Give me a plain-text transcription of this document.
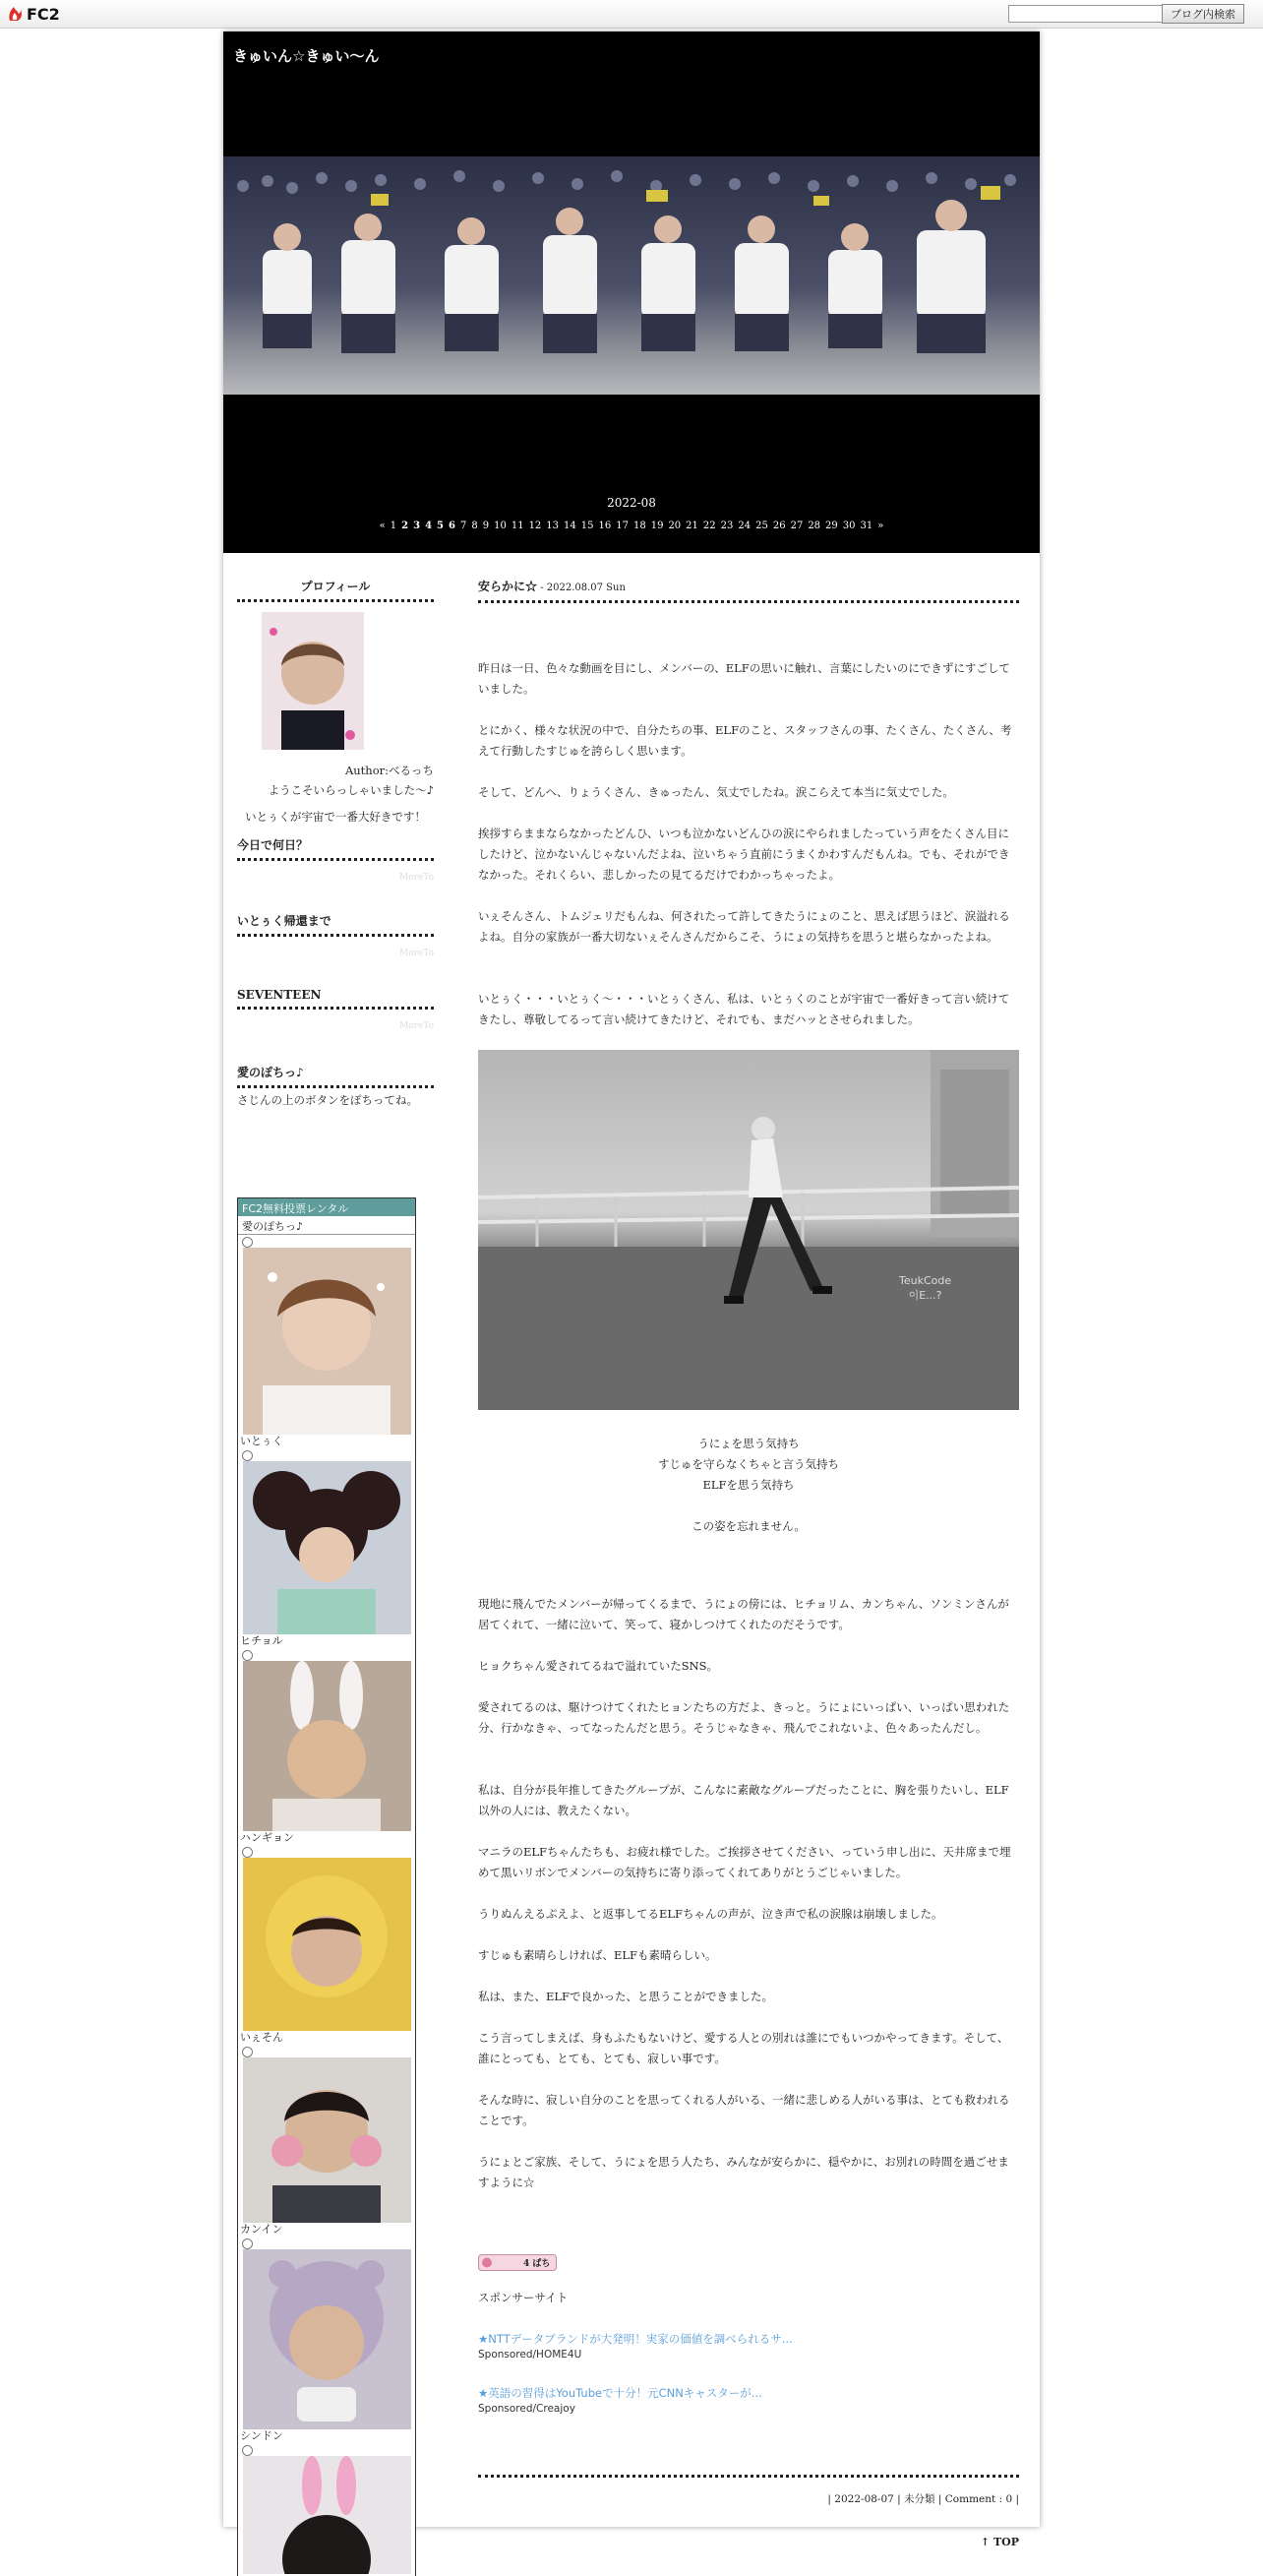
FC2	ブログ内検索
きゅいん☆きゅい～ん
2022-08
« 1 2 3 4 5 6 7 8 9 10 11 12 13 14 15 16 17 18 19 20 21 22 23 24 25 26 27 28 29 30 31 »
プロフィール
Author:べるっち
ようこそいらっしゃいました～♪
いとぅくが宇宙で一番大好きです！
今日で何日？
MoreTo
いとぅく帰還まで
MoreTo
SEVENTEEN
MoreTo
愛のぽちっ♪
さじんの上のボタンをぽちってね。
FC2無料投票レンタル
愛のぽちっ♪
いとぅく
ヒチョル
ハンギョン
いぇそん
カンイン
シンドン
安らかに☆ - 2022.08.07 Sun

昨日は一日、色々な動画を目にし、メンバーの、ELFの思いに触れ、言葉にしたいのにできずにすごしていました。

とにかく、様々な状況の中で、自分たちの事、ELFのこと、スタッフさんの事、たくさん、たくさん、考えて行動したすじゅを誇らしく思います。

そして、どんへ、りょうくさん、きゅったん、気丈でしたね。涙こらえて本当に気丈でした。

挨拶すらままならなかったどんひ、いつも泣かないどんひの涙にやられましたっていう声をたくさん目にしたけど、泣かないんじゃないんだよね、泣いちゃう直前にうまくかわすんだもんね。でも、それができなかった。それくらい、悲しかったの見てるだけでわかっちゃったよ。

いぇそんさん、トムジェリだもんね、何されたって許してきたうにょのこと、思えば思うほど、涙溢れるよね。自分の家族が一番大切ないぇそんさんだからこそ、うにょの気持ちを思うと堪らなかったよね。

いとぅく・・・いとぅく～・・・いとぅくさん、私は、いとぅくのことが宇宙で一番好きって言い続けてきたし、尊敬してるって言い続けてきたけど、それでも、まだハッとさせられました。

TeukCode
이E...?
うにょを思う気持ち
すじゅを守らなくちゃと言う気持ち
ELFを思う気持ち
この姿を忘れません。

現地に飛んでたメンバーが帰ってくるまで、うにょの傍には、ヒチョリム、カンちゃん、ソンミンさんが居てくれて、一緒に泣いて、笑って、寝かしつけてくれたのだそうです。

ヒョクちゃん愛されてるねで溢れていたSNS。

愛されてるのは、駆けつけてくれたヒョンたちの方だよ、きっと。うにょにいっぱい、いっぱい思われた分、行かなきゃ、ってなったんだと思う。そうじゃなきゃ、飛んでこれないよ、色々あったんだし。

私は、自分が長年推してきたグループが、こんなに素敵なグループだったことに、胸を張りたいし、ELF以外の人には、教えたくない。

マニラのELFちゃんたちも、お疲れ様でした。ご挨拶させてください、っていう申し出に、天井席まで埋めて黒いリボンでメンバーの気持ちに寄り添ってくれてありがとうごじゃいました。

うりぬんえるぷえよ、と返事してるELFちゃんの声が、泣き声で私の涙腺は崩壊しました。

すじゅも素晴らしければ、ELFも素晴らしい。

私は、また、ELFで良かった、と思うことができました。

こう言ってしまえば、身もふたもないけど、愛する人との別れは誰にでもいつかやってきます。そして、誰にとっても、とても、とても、寂しい事です。

そんな時に、寂しい自分のことを思ってくれる人がいる、一緒に悲しめる人がいる事は、とても救われることです。

うにょとご家族、そして、うにょを思う人たち、みんなが安らかに、穏やかに、お別れの時間を過ごせますように☆

4 ぱち
スポンサーサイト
★NTTデータブランドが大発明！実家の価値を調べられるサ...
Sponsored/HOME4U
★英語の習得はYouTubeで十分！元CNNキャスターが...
Sponsored/Creajoy
| 2022-08-07 | 未分類 | Comment : 0 |
↑ TOP
